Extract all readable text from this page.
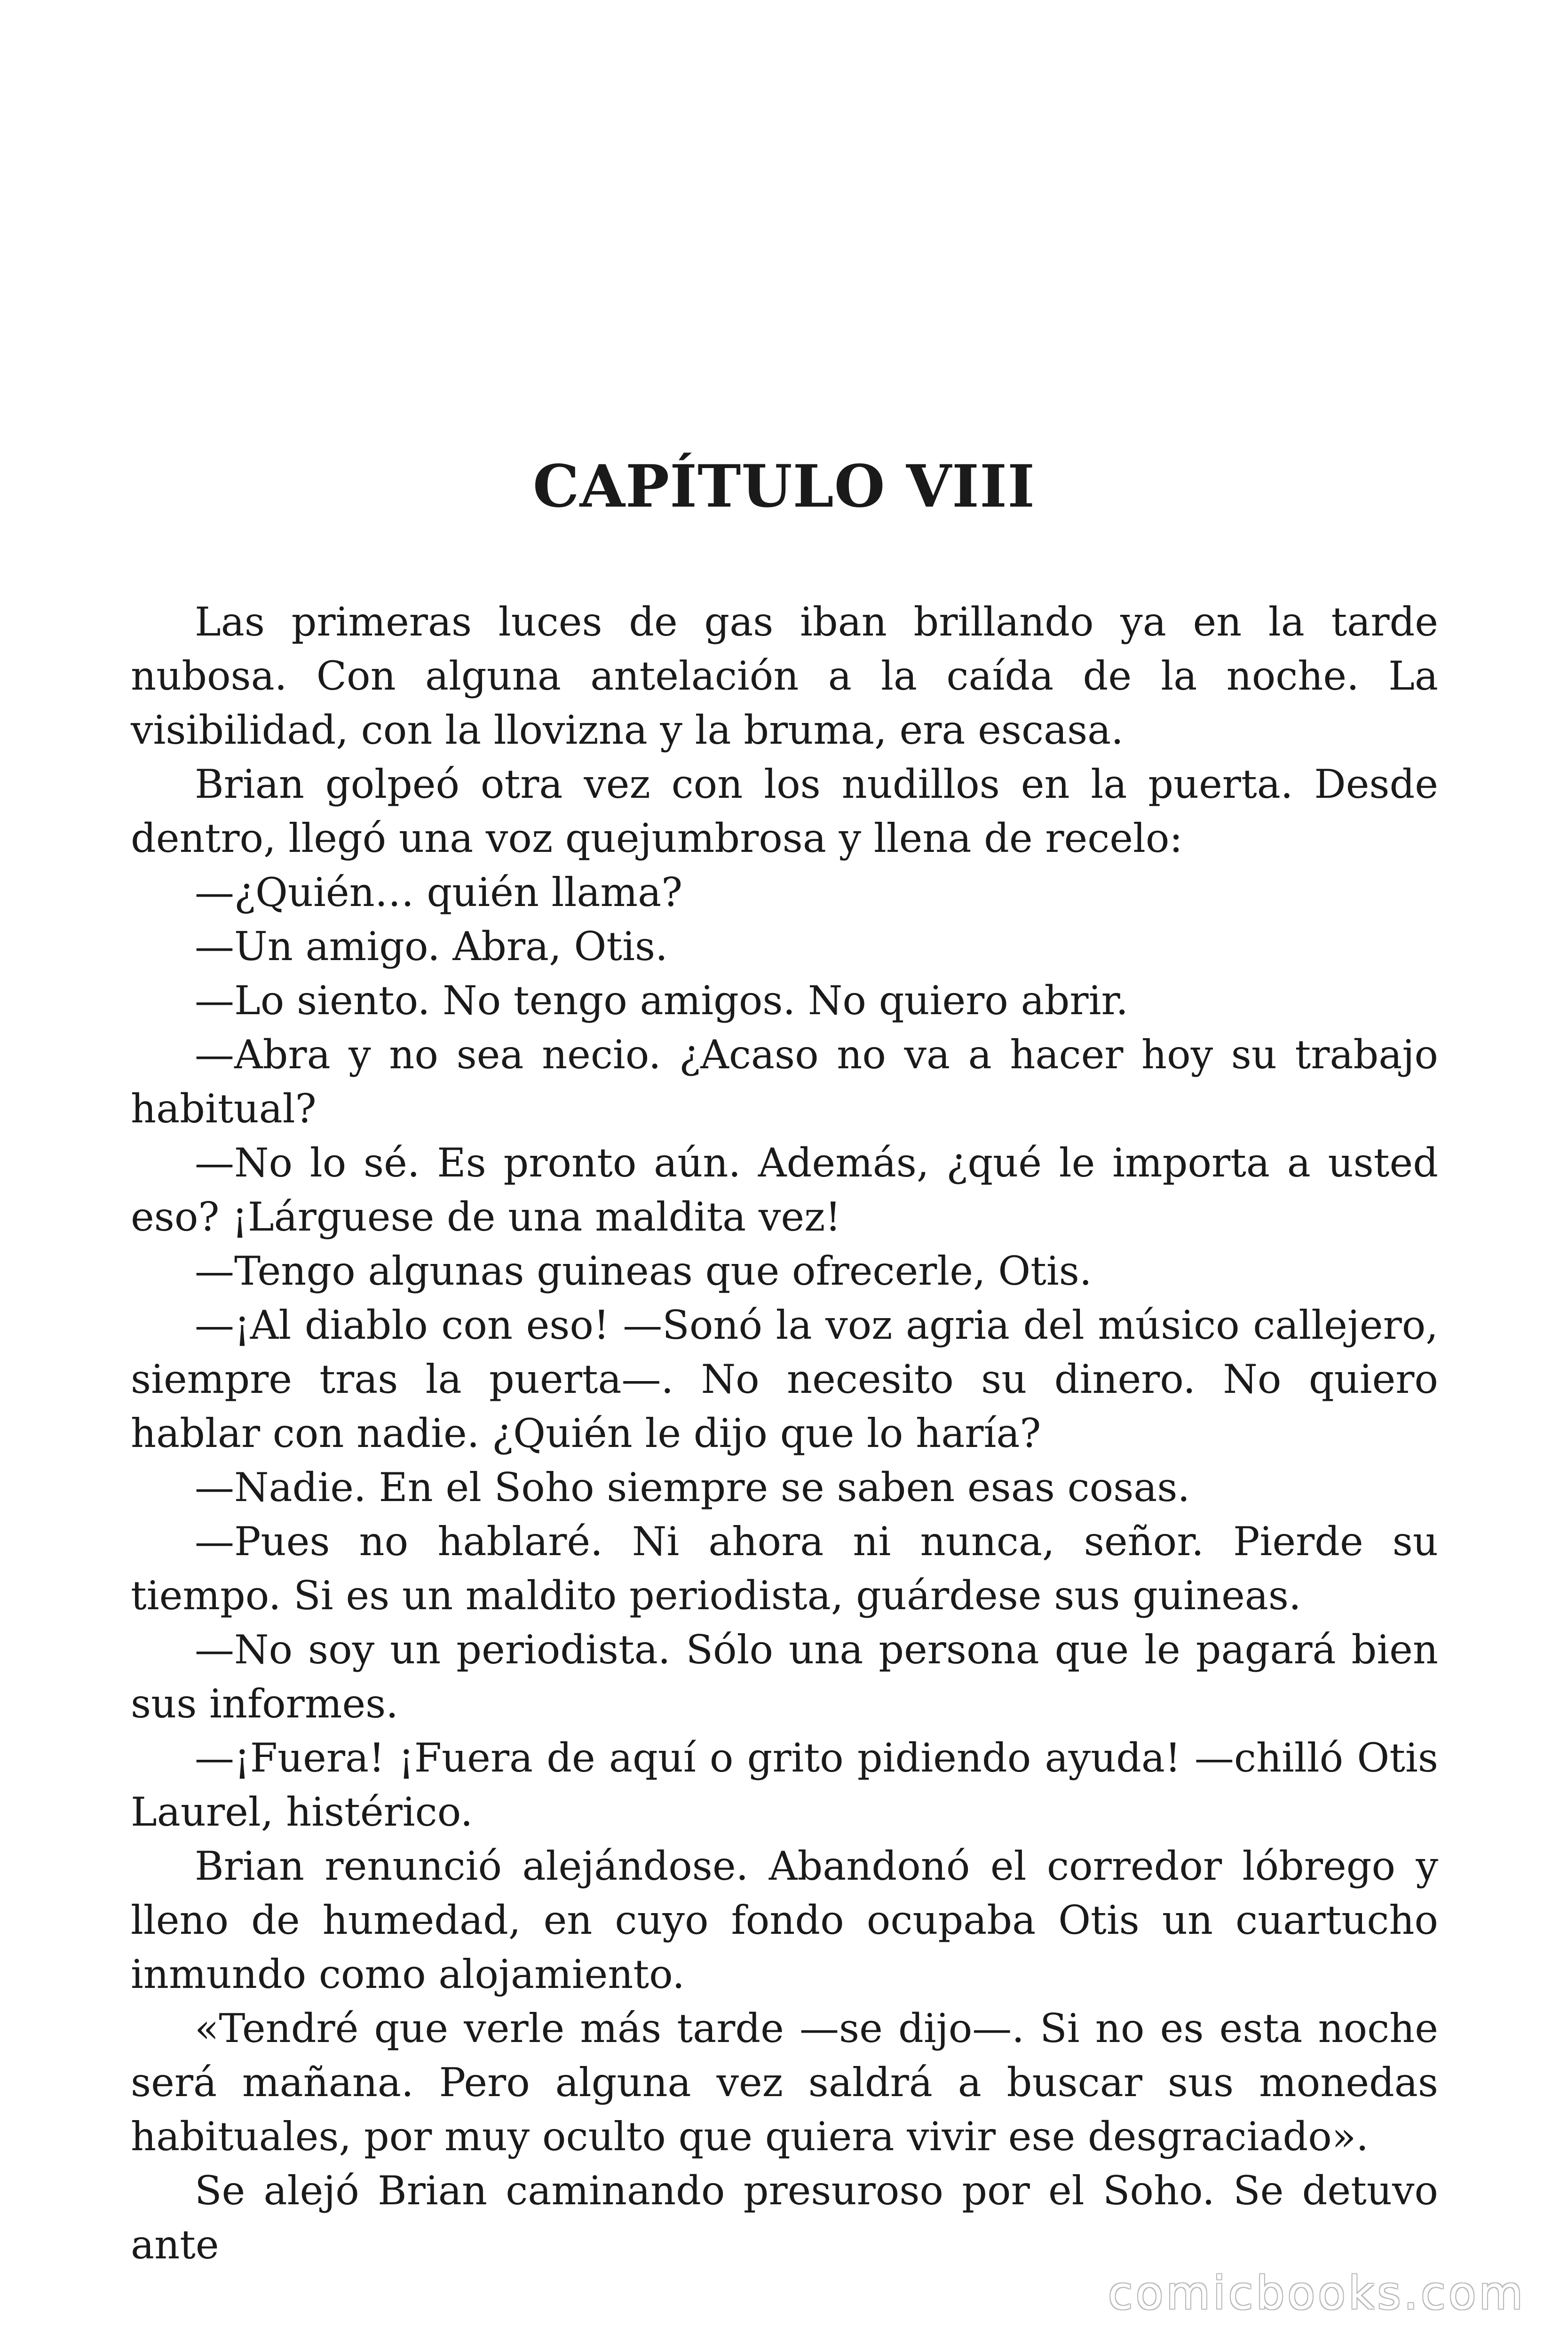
CAPÍTULO VIII

Las primeras luces de gas iban brillando ya en la tarde nubosa. Con alguna antelación a la caída de la noche. La visibilidad, con la llovizna y la bruma, era escasa.

Brian golpeó otra vez con los nudillos en la puerta. Desde dentro, llegó una voz quejumbrosa y llena de recelo:

—¿Quién… quién llama?

—Un amigo. Abra, Otis.

—Lo siento. No tengo amigos. No quiero abrir.

—Abra y no sea necio. ¿Acaso no va a hacer hoy su trabajo habitual?

—No lo sé. Es pronto aún. Además, ¿qué le importa a usted eso? ¡Lárguese de una maldita vez!

—Tengo algunas guineas que ofrecerle, Otis.

—¡Al diablo con eso! —Sonó la voz agria del músico callejero, siempre tras la puerta—. No necesito su dinero. No quiero hablar con nadie. ¿Quién le dijo que lo haría?

—Nadie. En el Soho siempre se saben esas cosas.

—Pues no hablaré. Ni ahora ni nunca, señor. Pierde su tiempo. Si es un maldito periodista, guárdese sus guineas.

—No soy un periodista. Sólo una persona que le pagará bien sus informes.

—¡Fuera! ¡Fuera de aquí o grito pidiendo ayuda! —chilló Otis Laurel, histérico.

Brian renunció alejándose. Abandonó el corredor lóbrego y lleno de humedad, en cuyo fondo ocupaba Otis un cuartucho inmundo como alojamiento.

«Tendré que verle más tarde —se dijo—. Si no es esta noche será mañana. Pero alguna vez saldrá a buscar sus monedas habituales, por muy oculto que quiera vivir ese desgraciado».

Se alejó Brian caminando presuroso por el Soho. Se detuvo ante

comicbooks.com
